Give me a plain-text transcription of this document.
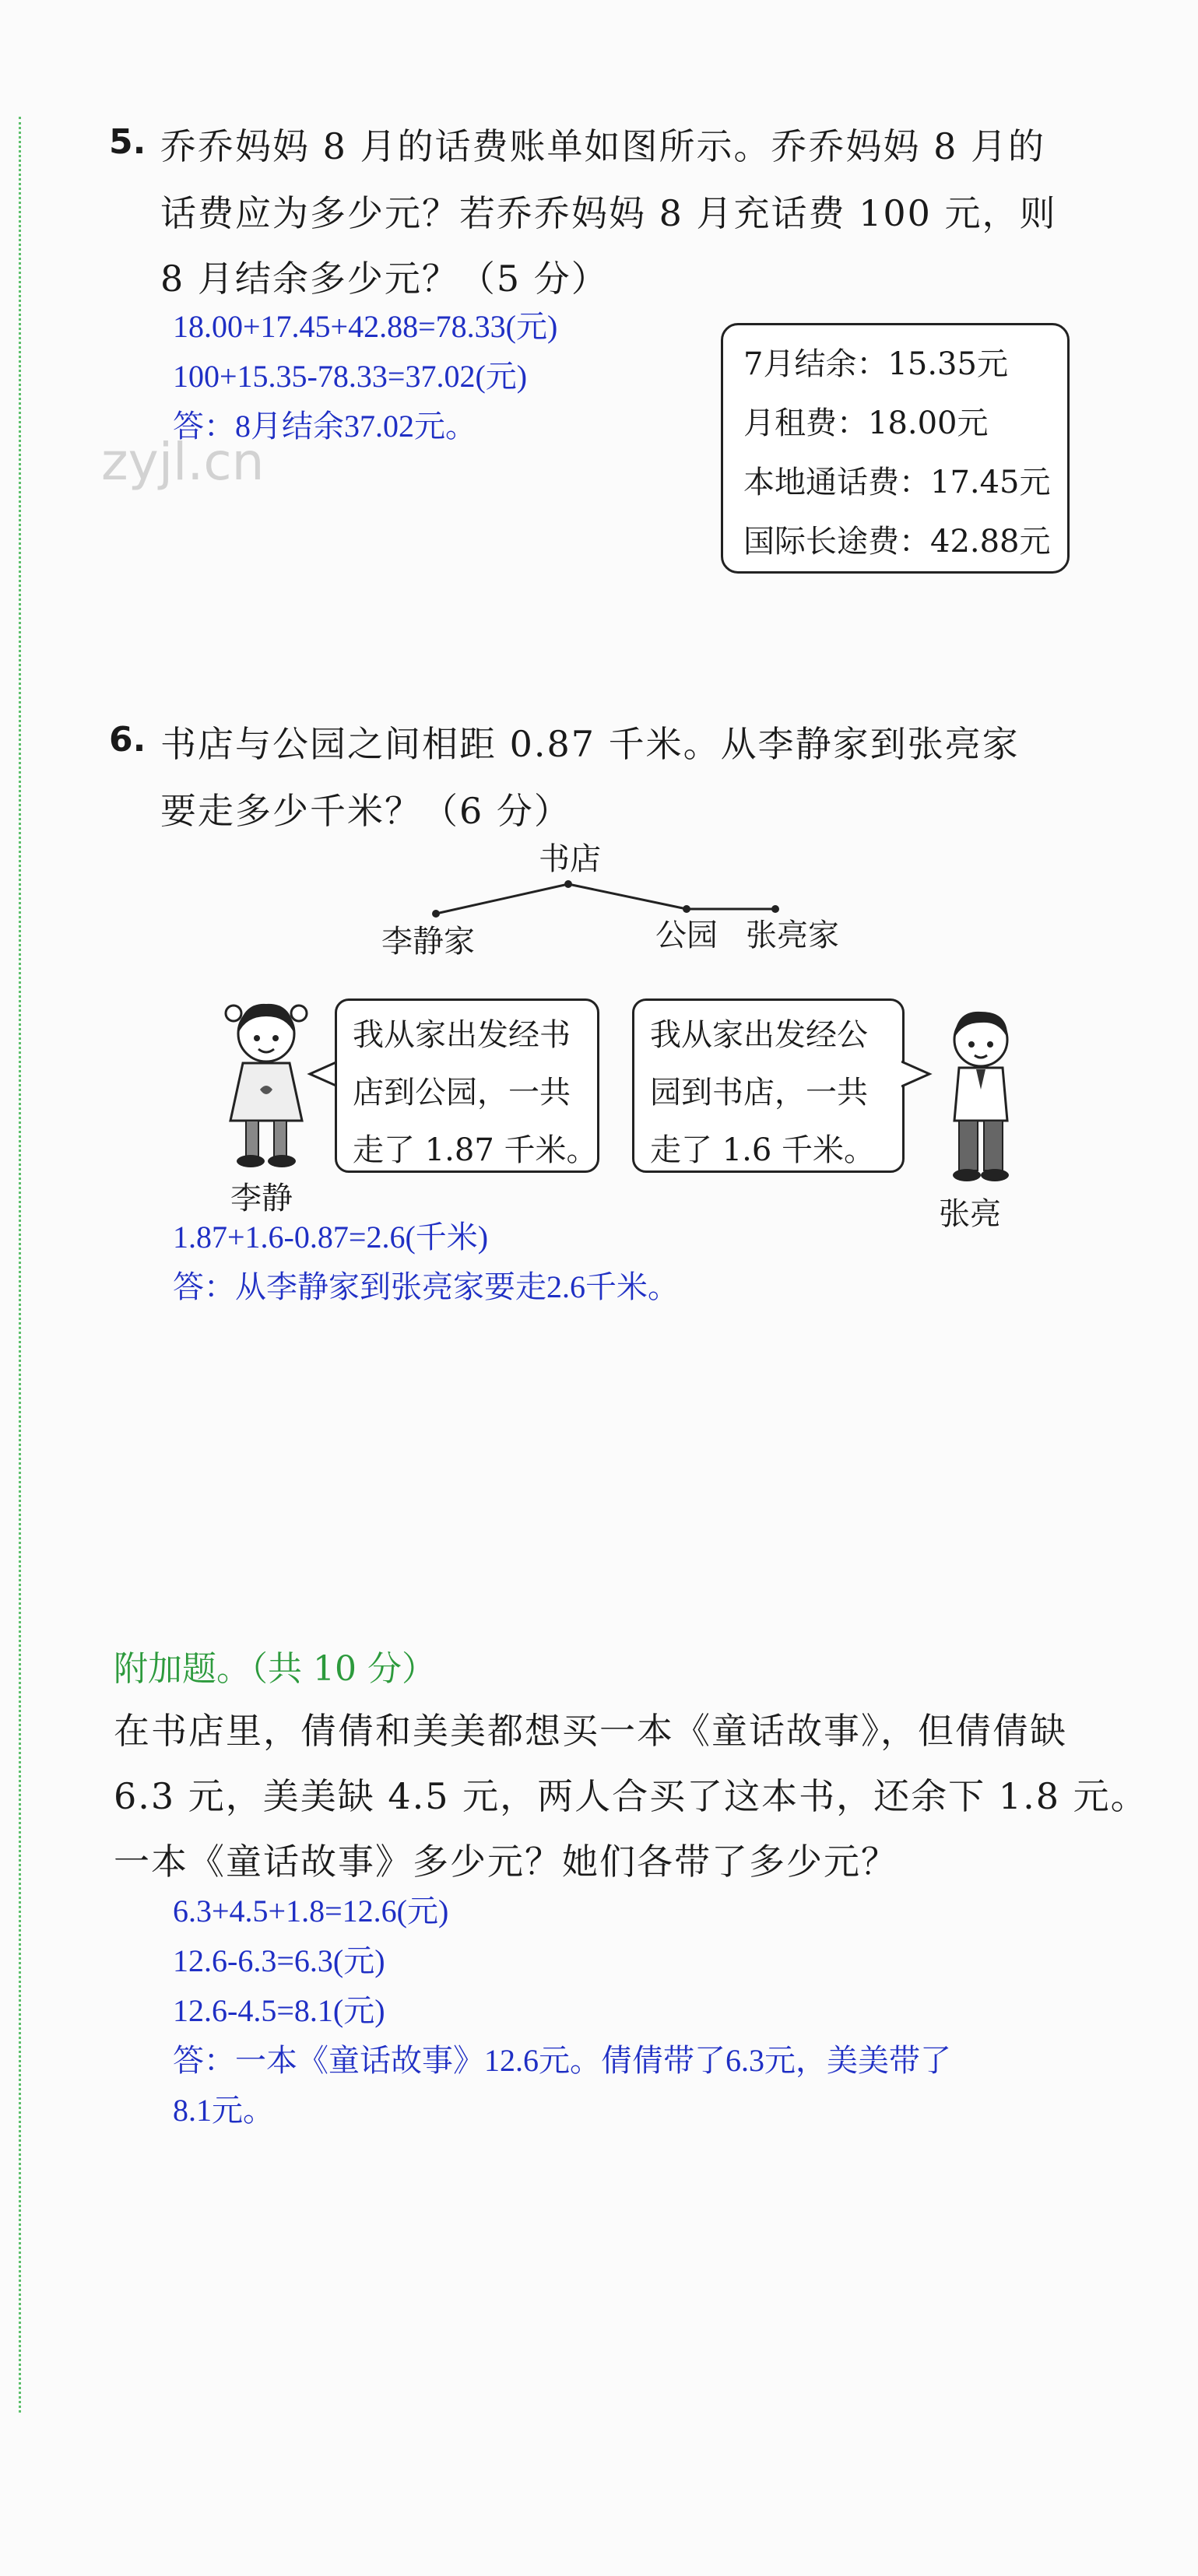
zyjl.cn
5. 乔乔妈妈 8 月的话费账单如图所示。乔乔妈妈 8 月的
话费应为多少元？若乔乔妈妈 8 月充话费 100 元，则
8 月结余多少元？（5 分）
18.00+17.45+42.88=78.33(元)
100+15.35-78.33=37.02(元)
答：8月结余37.02元。
7月结余：15.35元
月租费：18.00元
本地通话费：17.45元
国际长途费：42.88元
6. 书店与公园之间相距 0.87 千米。从李静家到张亮家
要走多少千米？（6 分）
书店
李静家	公园 张亮家
李静
我从家出发经书
店到公园，一共
走了 1.87 千米。
我从家出发经公
园到书店，一共
走了 1.6 千米。
张亮
1.87+1.6-0.87=2.6(千米)
答：从李静家到张亮家要走2.6千米。
附加题。（共 10 分）
在书店里，倩倩和美美都想买一本《童话故事》，但倩倩缺
6.3 元，美美缺 4.5 元，两人合买了这本书，还余下 1.8 元。
一本《童话故事》多少元？她们各带了多少元？
6.3+4.5+1.8=12.6(元)
12.6-6.3=6.3(元)
12.6-4.5=8.1(元)
答：一本《童话故事》12.6元。倩倩带了6.3元，美美带了
8.1元。
